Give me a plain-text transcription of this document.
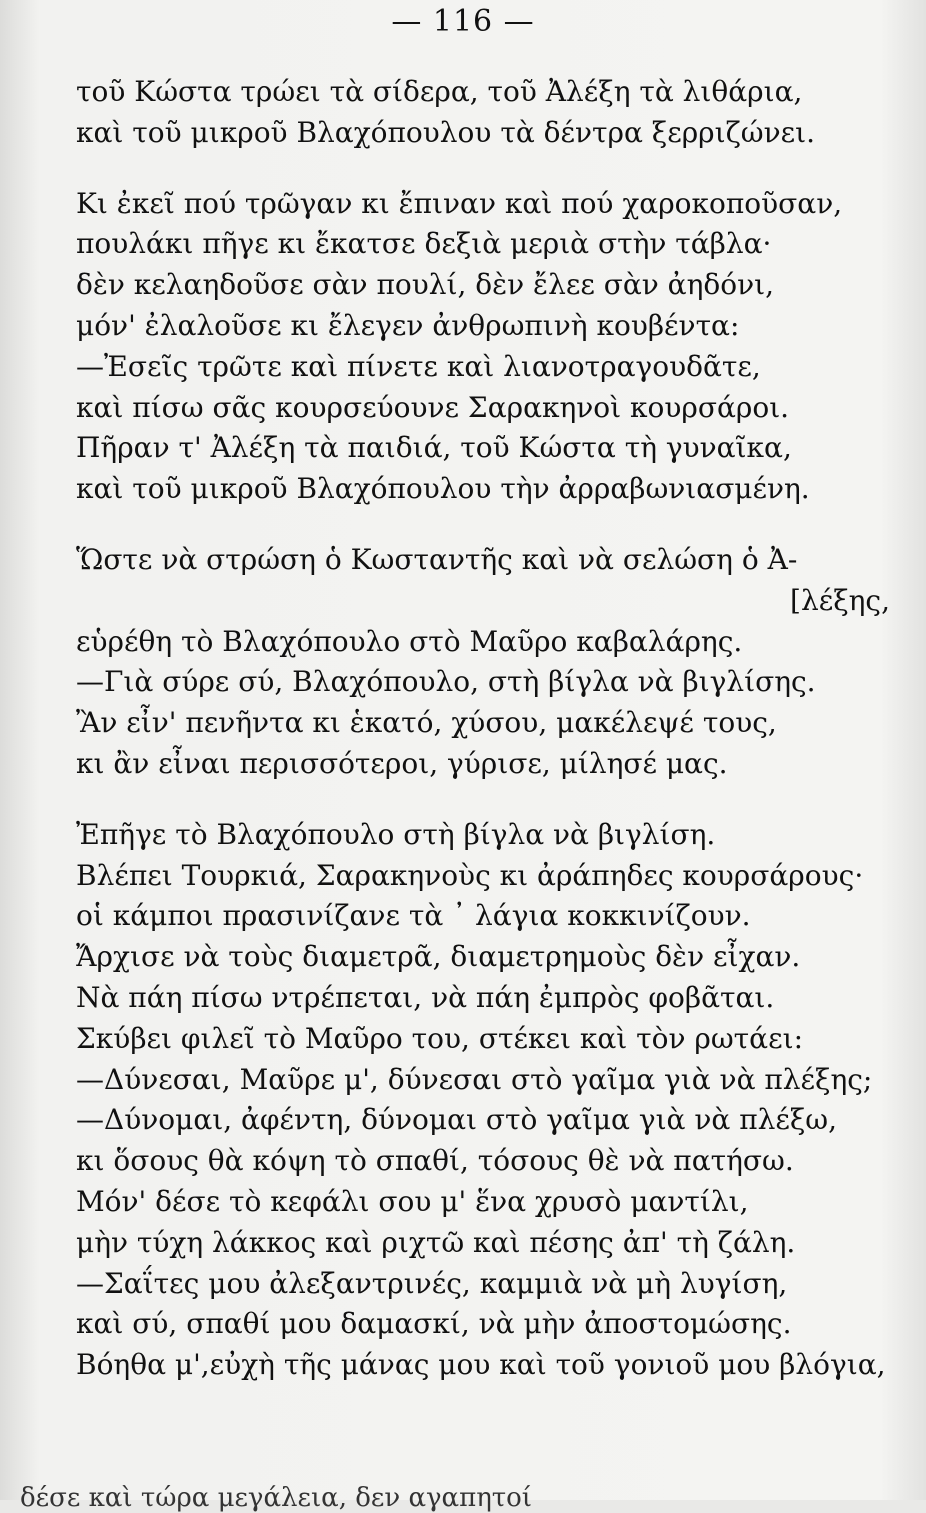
— 116 —
τοῦ Κώστα τρώει τὰ σίδερα, τοῦ Ἀλέξη τὰ λιθάρια,
καὶ τοῦ μικροῦ Βλαχόπουλου τὰ δέντρα ξερριζώνει.
Κι ἐκεῖ πού τρῶγαν κι ἔπιναν καὶ πού χαροκοποῦσαν,
πουλάκι πῆγε κι ἔκατσε δεξιὰ μεριὰ στὴν τάβλα·
δὲν κελαηδοῦσε σὰν πουλί, δὲν ἔλεε σὰν ἀηδόνι,
μόν' ἐλαλοῦσε κι ἔλεγεν ἀνθρωπινὴ κουβέντα:
—Ἐσεῖς τρῶτε καὶ πίνετε καὶ λιανοτραγουδᾶτε,
καὶ πίσω σᾶς κουρσεύουνε Σαρακηνοὶ κουρσάροι.
Πῆραν τ' Ἀλέξη τὰ παιδιά, τοῦ Κώστα τὴ γυναῖκα,
καὶ τοῦ μικροῦ Βλαχόπουλου τὴν ἀρραβωνιασμένη.
Ὥστε νὰ στρώση ὁ Κωσταντῆς καὶ νὰ σελώση ὁ Ἀ-
[λέξης,
εὑρέθη τὸ Βλαχόπουλο στὸ Μαῦρο καβαλάρης.
—Γιὰ σύρε σύ, Βλαχόπουλο, στὴ βίγλα νὰ βιγλίσης.
Ἂν εἶν' πενῆντα κι ἑκατό, χύσου, μακέλεψέ τους,
κι ἂν εἶναι περισσότεροι, γύρισε, μίλησέ μας.
Ἐπῆγε τὸ Βλαχόπουλο στὴ βίγλα νὰ βιγλίση.
Βλέπει Τουρκιά, Σαρακηνοὺς κι ἀράπηδες κουρσάρους·
οἱ κάμποι πρασινίζανε τὰ ᾿ λάγια κοκκινίζουν.
Ἄρχισε νὰ τοὺς διαμετρᾶ, διαμετρημοὺς δὲν εἶχαν.
Νὰ πάη πίσω ντρέπεται, νὰ πάη ἐμπρὸς φοβᾶται.
Σκύβει φιλεῖ τὸ Μαῦρο του, στέκει καὶ τὸν ρωτάει:
—Δύνεσαι, Μαῦρε μ', δύνεσαι στὸ γαῖμα γιὰ νὰ πλέξης;
—Δύνομαι, ἀφέντη, δύνομαι στὸ γαῖμα γιὰ νὰ πλέξω,
κι ὅσους θὰ κόψη τὸ σπαθί, τόσους θὲ νὰ πατήσω.
Μόν' δέσε τὸ κεφάλι σου μ' ἕνα χρυσὸ μαντίλι,
μὴν τύχη λάκκος καὶ ριχτῶ καὶ πέσης ἀπ' τὴ ζάλη.
—Σαΐτες μου ἀλεξαντρινές, καμμιὰ νὰ μὴ λυγίση,
καὶ σύ, σπαθί μου δαμασκί, νὰ μὴν ἀποστομώσης.
Βόηθα μ',εὐχὴ τῆς μάνας μου καὶ τοῦ γονιοῦ μου βλόγια,
δέσε καὶ τώρα μεγάλεια, δεν αγαπητοί
